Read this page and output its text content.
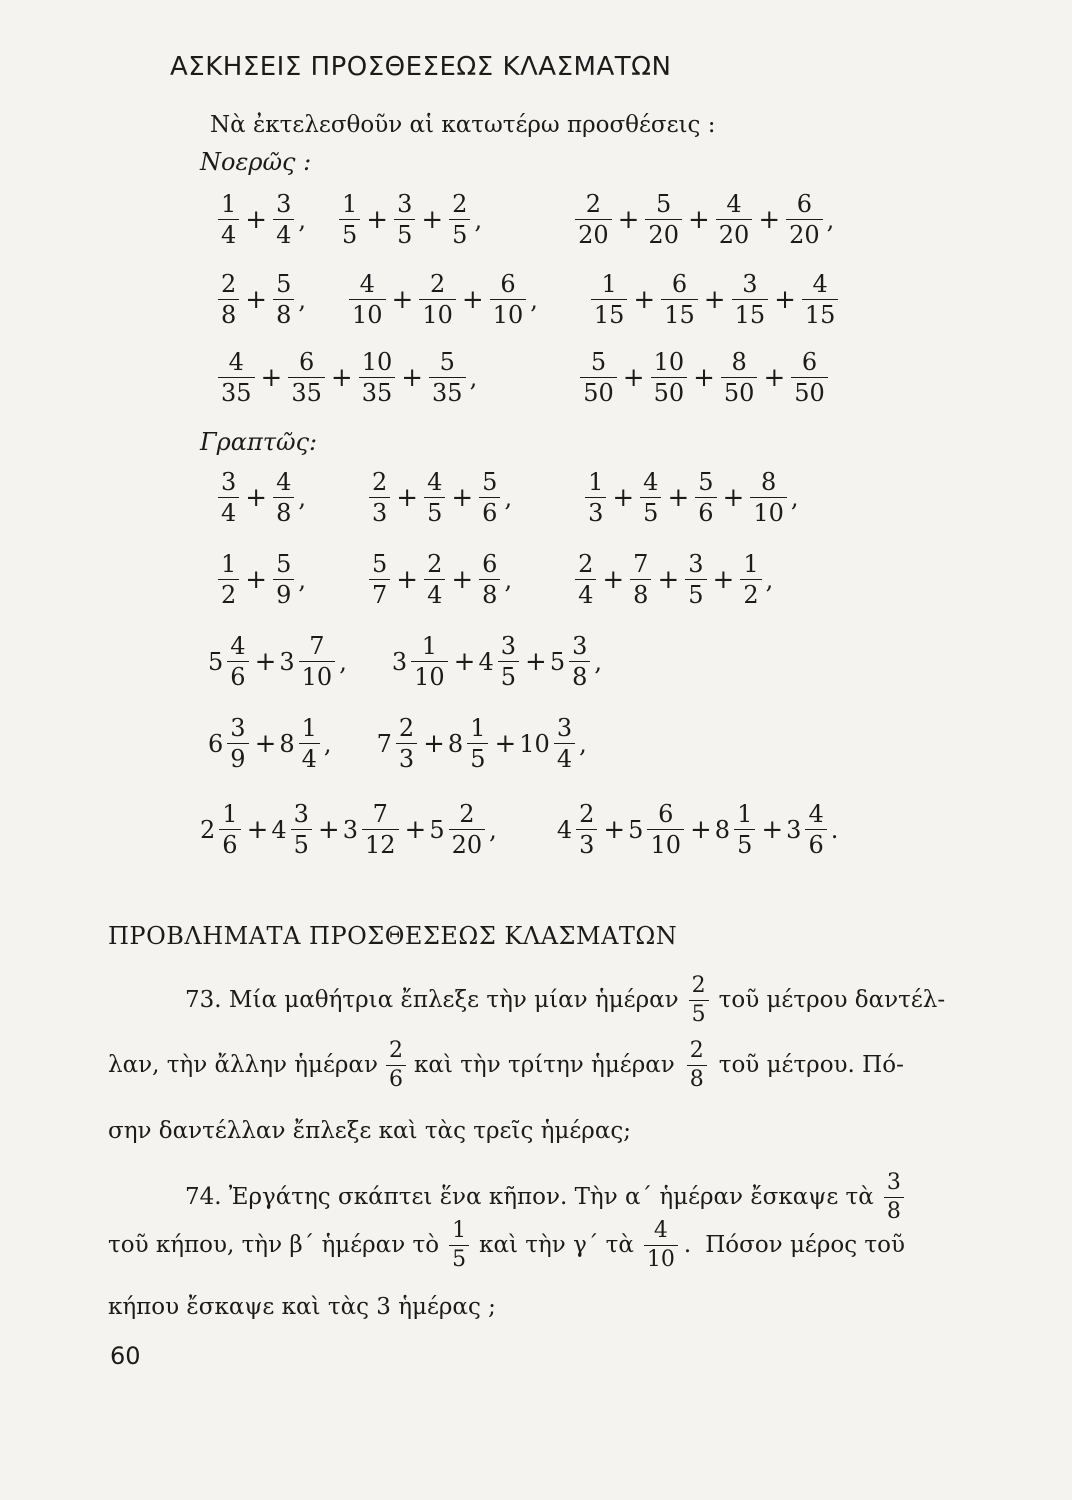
ΑΣΚΗΣΕΙΣ ΠΡΟΣΘΕΣΕΩΣ ΚΛΑΣΜΑΤΩΝ
Νὰ ἐκτελεσθοῦν αἱ κατωτέρω προσθέσεις :
Νοερῶς :
$\frac{1}{4} + \frac{3}{4}$ , $\frac{1}{5} + \frac{3}{5} + \frac{2}{5}$ ,	$\frac{2}{20} + \frac{5}{20} + \frac{4}{20} + \frac{6}{20}$ ,
$\frac{2}{8} + \frac{5}{8}$ , $\frac{4}{10} + \frac{2}{10} + \frac{6}{10}$ , $\frac{1}{15} + \frac{6}{15} + \frac{3}{15} + \frac{4}{15}$
$\frac{4}{35} + \frac{6}{35} + \frac{10}{35} + \frac{5}{35}$ ,	$\frac{5}{50} + \frac{10}{50} + \frac{8}{50} + \frac{6}{50}$
Γραπτῶς:
$\frac{3}{4} + \frac{4}{8}$ ,	$\frac{2}{3} + \frac{4}{5} + \frac{5}{6}$ ,	$\frac{1}{3} + \frac{4}{5} + \frac{5}{6} + \frac{8}{10}$ ,
$\frac{1}{2} + \frac{5}{9}$ ,	$\frac{5}{7} + \frac{2}{4} + \frac{6}{8}$ ,	$\frac{2}{4} + \frac{7}{8} + \frac{3}{5} + \frac{1}{2}$ ,
$5 \frac{4}{6} + 3 \frac{7}{10}$ , $3 \frac{1}{10} + 4 \frac{3}{5} + 5 \frac{3}{8}$ ,
$6 \frac{3}{9} + 8 \frac{1}{4}$ , $7 \frac{2}{3} + 8 \frac{1}{5} + 10 \frac{3}{4}$ ,
$2 \frac{1}{6} + 4 \frac{3}{5} + 3 \frac{7}{12} + 5 \frac{2}{20}$ ,	$4 \frac{2}{3} + 5 \frac{6}{10} + 8 \frac{1}{5} + 3 \frac{4}{6}$ .
ΠΡΟΒΛΗΜΑΤΑ ΠΡΟΣΘΕΣΕΩΣ ΚΛΑΣΜΑΤΩΝ
73. Μία μαθήτρια ἔπλεξε τὴν μίαν ἡμέραν $\frac{2}{5}$ τοῦ μέτρου δαντέλ-
λαν, τὴν ἄλλην ἡμέραν $\frac{2}{6}$ καὶ τὴν τρίτην ἡμέραν $\frac{2}{8}$ τοῦ μέτρου. Πό-
σην δαντέλλαν ἔπλεξε καὶ τὰς τρεῖς ἡμέρας;
74. Ἐργάτης σκάπτει ἕνα κῆπον. Τὴν α΄ ἡμέραν ἔσκαψε τὰ $\frac{3}{8}$
τοῦ κήπου, τὴν β΄ ἡμέραν τὸ $\frac{1}{5}$ καὶ τὴν γ΄ τὰ $\frac{4}{10}$ . Πόσον μέρος τοῦ
κήπου ἔσκαψε καὶ τὰς 3 ἡμέρας ;
60
